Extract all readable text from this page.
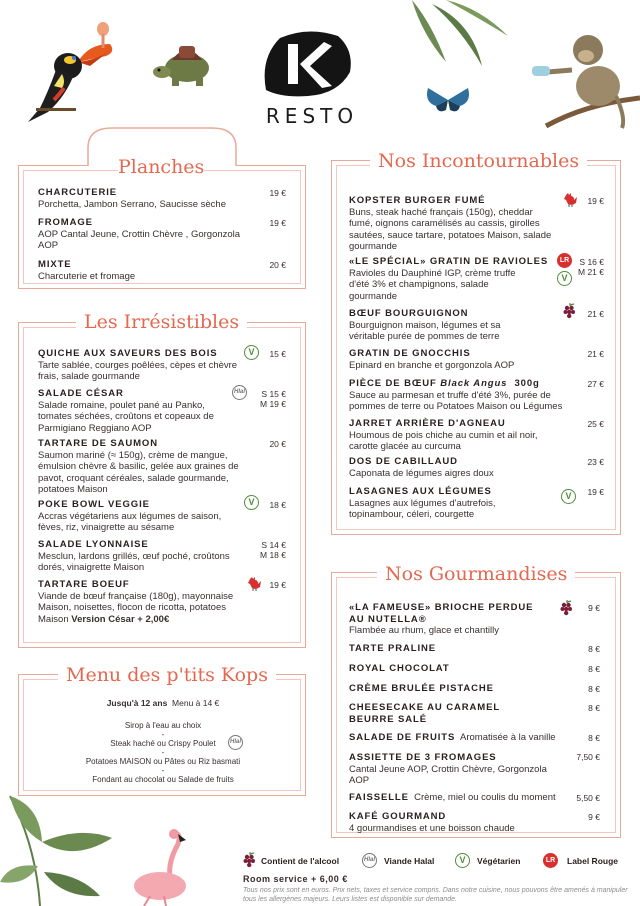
RESTO
Planches
CHARCUTERIE
Porchetta, Jambon Serrano, Saucisse sèche
19 €
FROMAGE
AOP Cantal Jeune, Crottin Chèvre , Gorgonzola AOP
19 €
MIXTE
Charcuterie et fromage
20 €
Les Irrésistibles
QUICHE AUX SAVEURS DES BOIS
Tarte sablée, courges poêlées, cèpes et chèvre frais, salade gourmande
V	15 €
SALADE CÉSAR
Salade romaine, poulet pané au Panko, tomates séchées, croûtons et copeaux de Parmigiano Reggiano AOP
Hlal	S 15 €
M 19 €
TARTARE DE SAUMON
Saumon mariné (≈ 150g), crème de mangue, émulsion chèvre & basilic, gelée aux graines de pavot, croquant céréales, salade gourmande, potatoes Maison
20 €
POKE BOWL VEGGIE
Accras végétariens aux légumes de saison, fèves, riz, vinaigrette au sésame
V	18 €
SALADE LYONNAISE
Mesclun, lardons grillés, œuf poché, croûtons dorés, vinaigrette Maison
S 14 €
M 18 €
TARTARE BOEUF
Viande de bœuf française (180g), mayonnaise Maison, noisettes, flocon de ricotta, potatoes Maison Version César + 2,00€
19 €
Menu des p'tits Kops
Jusqu'à 12 ans Menu à 14 €
Sirop à l'eau au choix
-
Steak haché ou Crispy Poulet	Hlal
-
Potatoes MAISON ou Pâtes ou Riz basmati
-
Fondant au chocolat ou Salade de fruits
Nos Incontournables
KOPSTER BURGER FUMÉ
Buns, steak haché français (150g), cheddar fumé, oignons caramélisés au cassis, girolles sautées, sauce tartare, potatoes Maison, salade gourmande
19 €
«LE SPÉCIAL» GRATIN DE RAVIOLES
Ravioles du Dauphiné IGP, crème truffe d'été 3% et champignons, salade gourmande
LR
V
S 16 €
M 21 €
BŒUF BOURGUIGNON
Bourguignon maison, légumes et sa véritable purée de pommes de terre
21 €
GRATIN DE GNOCCHIS
Epinard en branche et gorgonzola AOP
21 €
PIÈCE DE BŒUF Black Angus 300g
Sauce au parmesan et truffe d'été 3%, purée de pommes de terre ou Potatoes Maison ou Légumes
27 €
JARRET ARRIÈRE D'AGNEAU
Houmous de pois chiche au cumin et ail noir, carotte glacée au curcuma
25 €
DOS DE CABILLAUD
Caponata de légumes aigres doux
23 €
LASAGNES AUX LÉGUMES
Lasagnes aux légumes d'autrefois, topinambour, céleri, courgette
V	19 €
Nos Gourmandises
«LA FAMEUSE» BRIOCHE PERDUE AU NUTELLA®
Flambée au rhum, glace et chantilly
9 €
TARTE PRALINE	8 €
ROYAL CHOCOLAT	8 €
CRÈME BRULÉE PISTACHE	8 €
CHEESECAKE AU CARAMEL BEURRE SALÉ
8 €
SALADE DE FRUITS Aromatisée à la vanille	8 €
ASSIETTE DE 3 FROMAGES
Cantal Jeune AOP, Crottin Chèvre, Gorgonzola AOP
7,50 €
FAISSELLE Crème, miel ou coulis du moment	5,50 €
KAFÉ GOURMAND
4 gourmandises et une boisson chaude
9 €
Contient de l'alcool	Hlal Viande Halal	V	Végétarien	LR	Label Rouge
Room service + 6,00 €
Tous nos prix sont en euros. Prix nets, taxes et service compris. Dans notre cuisine, nous pouvons être amenés à manipuler tous les allergènes majeurs. Leurs listes est disponible sur demande.
